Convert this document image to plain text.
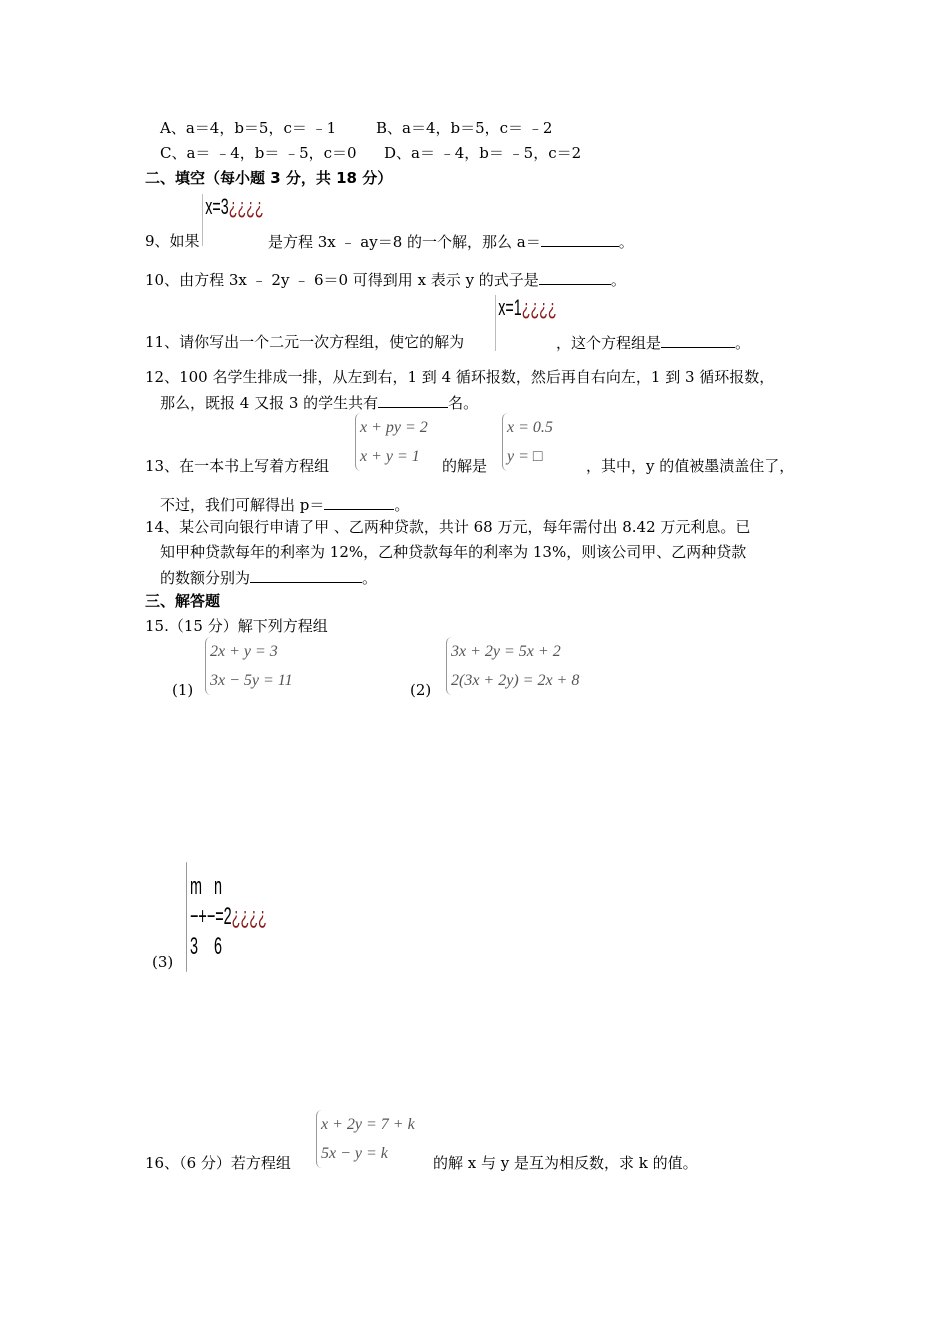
A、a＝4，b＝5，c＝ ﹣1	B、a＝4，b＝5，c＝ ﹣2
C、a＝ ﹣4，b＝ ﹣5，c＝0 D、a＝ ﹣4，b＝ ﹣5，c＝2
二、填空（每小题 3 分，共 18 分）
9、如果
x=3¿¿¿¿
是方程 3x ﹣ ay＝8 的一个解，那么 a＝	。
10、由方程 3x ﹣ 2y ﹣ 6＝0 可得到用 x 表示 y 的式子是	。
11、请你写出一个二元一次方程组，使它的解为
x=1¿¿¿¿
，这个方程组是	。
12、100 名学生排成一排，从左到右，1 到 4 循环报数，然后再自右向左，1 到 3 循环报数，
那么，既报 4 又报 3 的学生共有	名。
13、在一本书上写着方程组
x + py = 2
x + y = 1
的解是
x = 0.5
y = □
，其中，y 的值被墨渍盖住了，
不过，我们可解得出 p＝	。
14、某公司向银行申请了甲 、乙两种贷款，共计 68 万元，每年需付出 8.42 万元利息。已
知甲种贷款每年的利率为 12%，乙种贷款每年的利率为 13%，则该公司甲、乙两种贷款
的数额分别为	。
三、解答题
15.（15 分）解下列方程组
(1)
2x + y = 3
3x − 5y = 11
(2)
3x + 2y = 5x + 2
2(3x + 2y) = 2x + 8
(3)
m n
−+−=2¿¿¿¿
3 6
16、（6 分）若方程组
x + 2y = 7 + k
5x − y = k
的解 x 与 y 是互为相反数，求 k 的值。
